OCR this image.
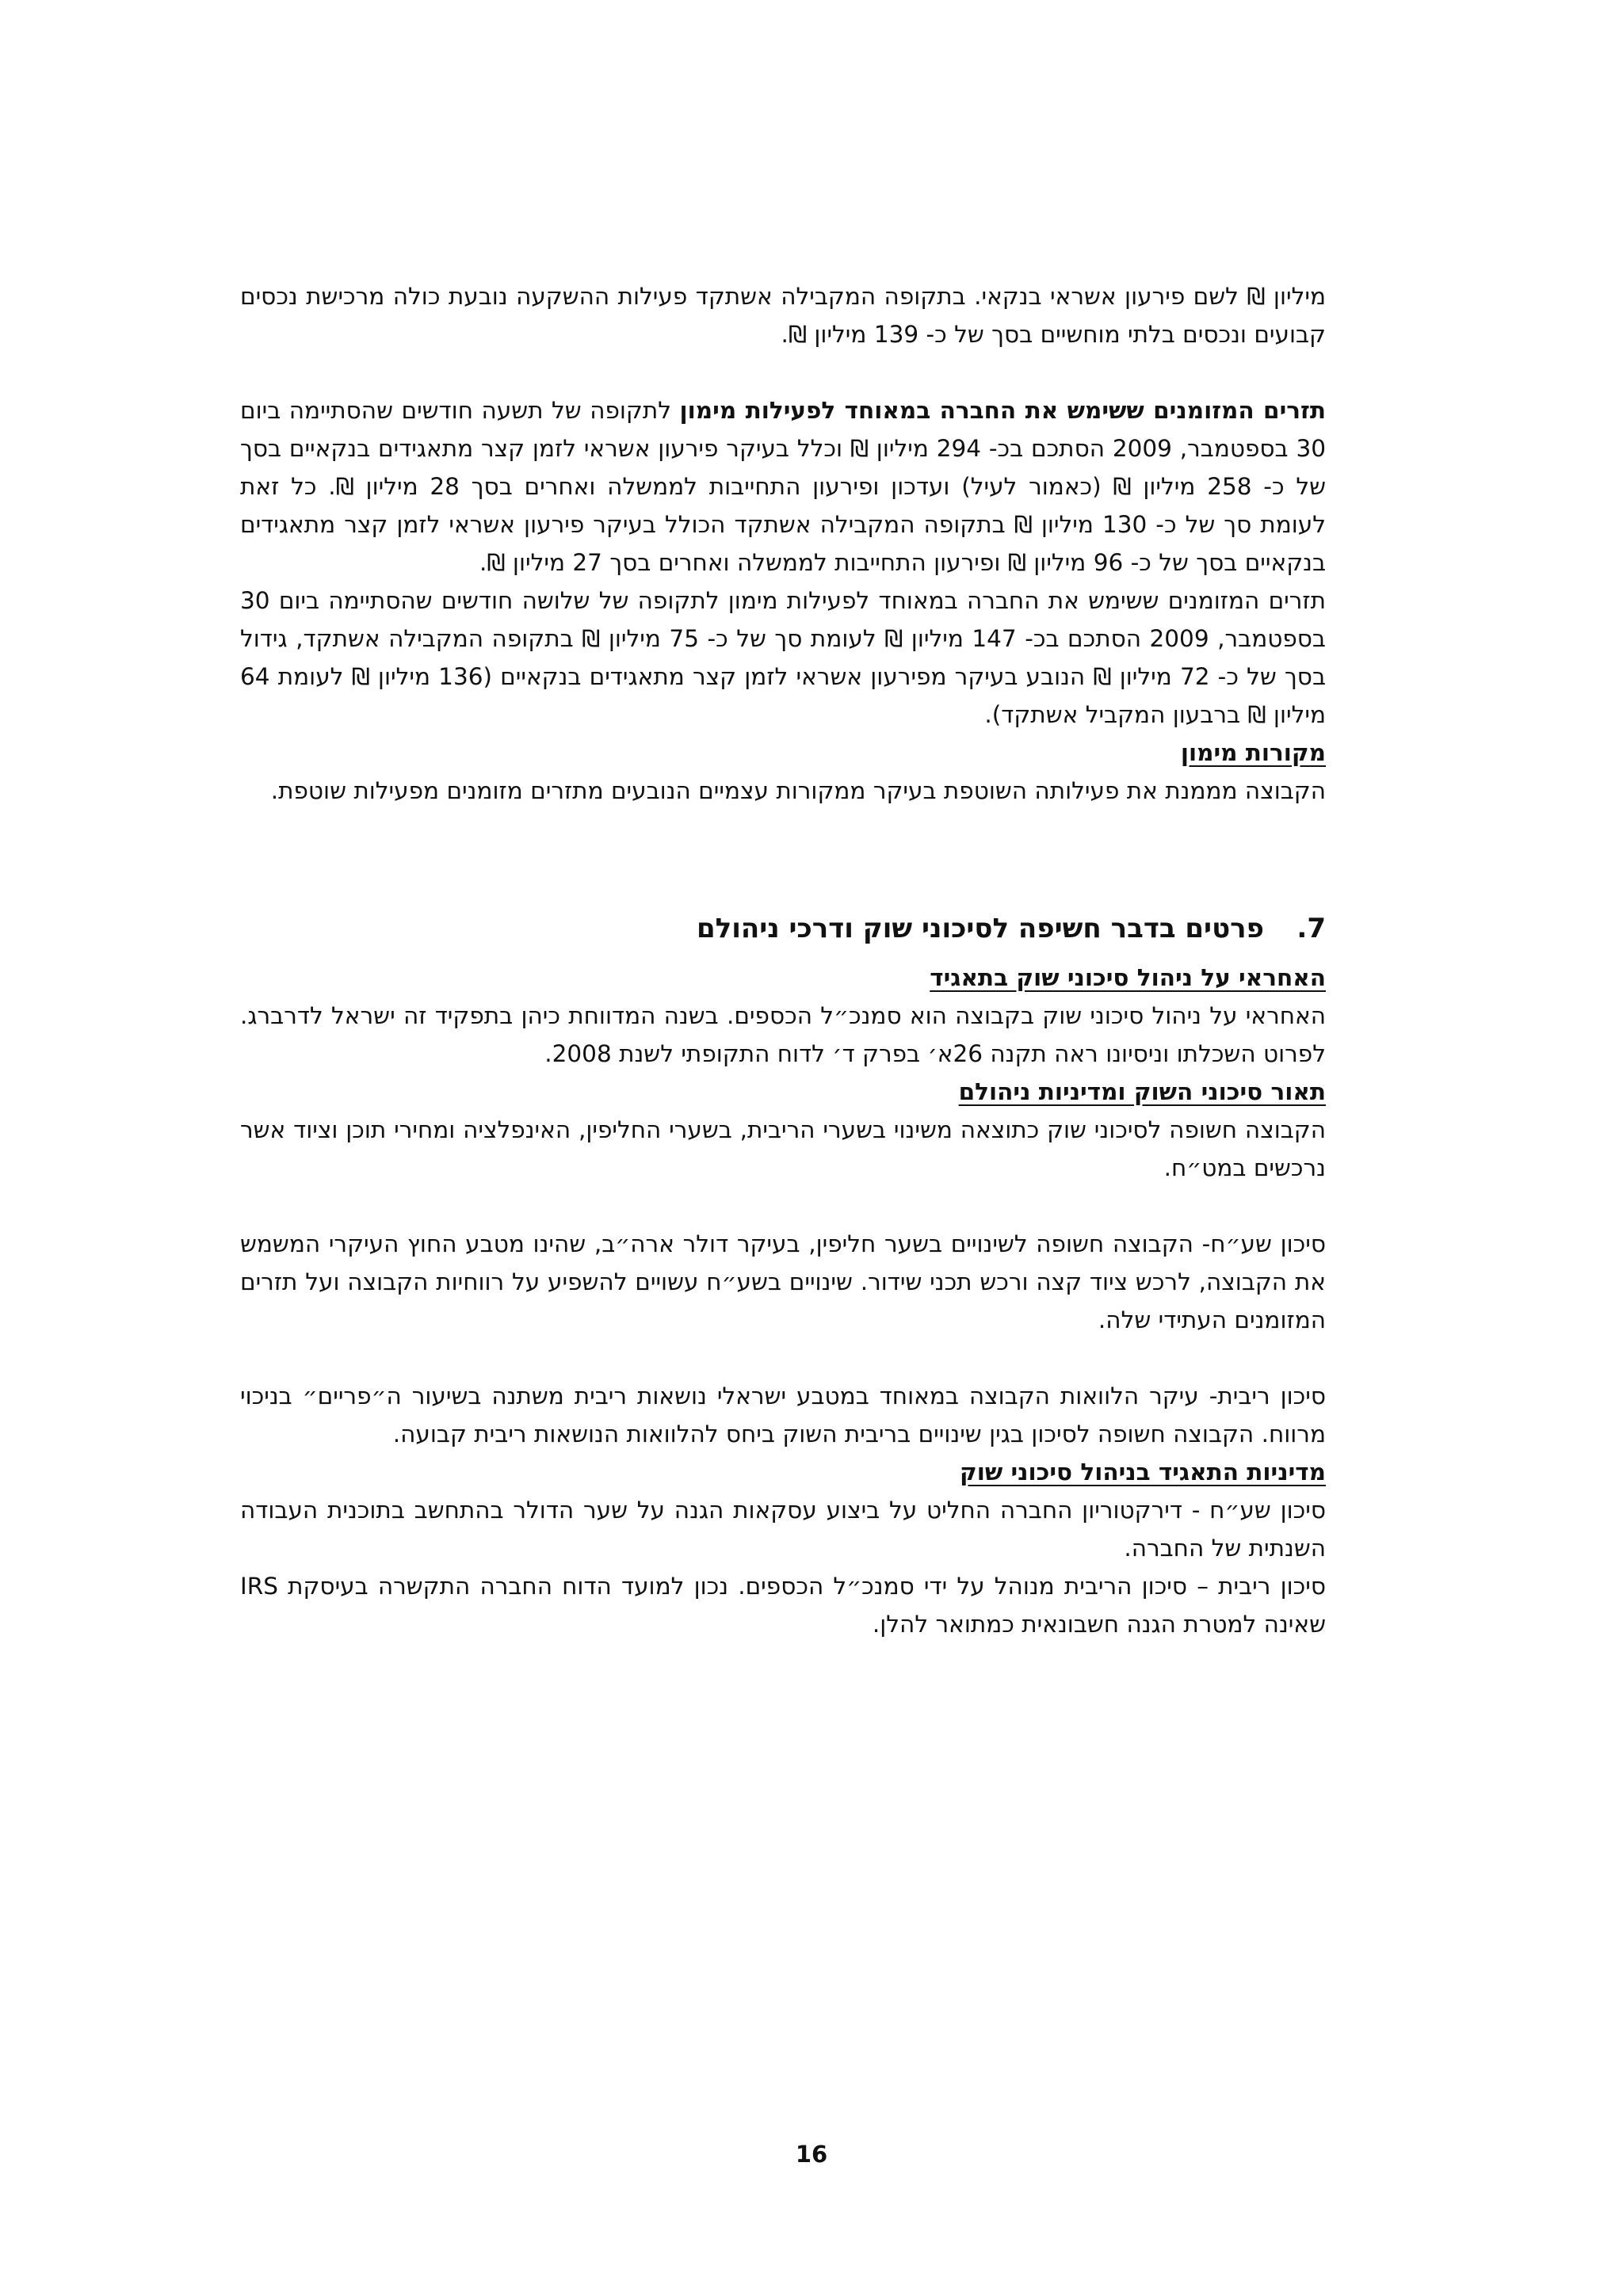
מיליון ₪ לשם פירעון אשראי בנקאי. בתקופה המקבילה אשתקד פעילות ההשקעה נובעת כולה מרכישת נכסים קבועים ונכסים בלתי מוחשיים בסך של כ- 139 מיליון ₪.

תזרים המזומנים ששימש את החברה במאוחד לפעילות מימון לתקופה של תשעה חודשים שהסתיימה ביום 30 בספטמבר, 2009 הסתכם בכ- 294 מיליון ₪ וכלל בעיקר פירעון אשראי לזמן קצר מתאגידים בנקאיים בסך של כ- 258 מיליון ₪ (כאמור לעיל) ועדכון ופירעון התחייבות לממשלה ואחרים בסך 28 מיליון ₪. כל זאת לעומת סך של כ- 130 מיליון ₪ בתקופה המקבילה אשתקד הכולל בעיקר פירעון אשראי לזמן קצר מתאגידים בנקאיים בסך של כ- 96 מיליון ₪ ופירעון התחייבות לממשלה ואחרים בסך 27 מיליון ₪.

תזרים המזומנים ששימש את החברה במאוחד לפעילות מימון לתקופה של שלושה חודשים שהסתיימה ביום 30 בספטמבר, 2009 הסתכם בכ- 147 מיליון ₪ לעומת סך של כ- 75 מיליון ₪ בתקופה המקבילה אשתקד, גידול בסך של כ- 72 מיליון ₪ הנובע בעיקר מפירעון אשראי לזמן קצר מתאגידים בנקאיים (136 מיליון ₪ לעומת 64 מיליון ₪ ברבעון המקביל אשתקד).

מקורות מימון

הקבוצה מממנת את פעילותה השוטפת בעיקר ממקורות עצמיים הנובעים מתזרים מזומנים מפעילות שוטפת.

7.
פרטים בדבר חשיפה לסיכוני שוק ודרכי ניהולם

האחראי על ניהול סיכוני שוק בתאגיד

האחראי על ניהול סיכוני שוק בקבוצה הוא סמנכ״ל הכספים. בשנה המדווחת כיהן בתפקיד זה ישראל לדרברג. לפרוט השכלתו וניסיונו ראה תקנה 26א׳ בפרק ד׳ לדוח התקופתי לשנת 2008.

תאור סיכוני השוק ומדיניות ניהולם

הקבוצה חשופה לסיכוני שוק כתוצאה משינוי בשערי הריבית, בשערי החליפין, האינפלציה ומחירי תוכן וציוד אשר נרכשים במט״ח.

סיכון שע״ח- הקבוצה חשופה לשינויים בשער חליפין, בעיקר דולר ארה״ב, שהינו מטבע החוץ העיקרי המשמש את הקבוצה, לרכש ציוד קצה ורכש תכני שידור. שינויים בשע״ח עשויים להשפיע על רווחיות הקבוצה ועל תזרים המזומנים העתידי שלה.

סיכון ריבית- עיקר הלוואות הקבוצה במאוחד במטבע ישראלי נושאות ריבית משתנה בשיעור ה״פריים״ בניכוי מרווח. הקבוצה חשופה לסיכון בגין שינויים בריבית השוק ביחס להלוואות הנושאות ריבית קבועה.

מדיניות התאגיד בניהול סיכוני שוק

סיכון שע״ח - דירקטוריון החברה החליט על ביצוע עסקאות הגנה על שער הדולר בהתחשב בתוכנית העבודה השנתית של החברה.

סיכון ריבית – סיכון הריבית מנוהל על ידי סמנכ״ל הכספים. נכון למועד הדוח החברה התקשרה בעיסקת IRS שאינה למטרת הגנה חשבונאית כמתואר להלן.

16
